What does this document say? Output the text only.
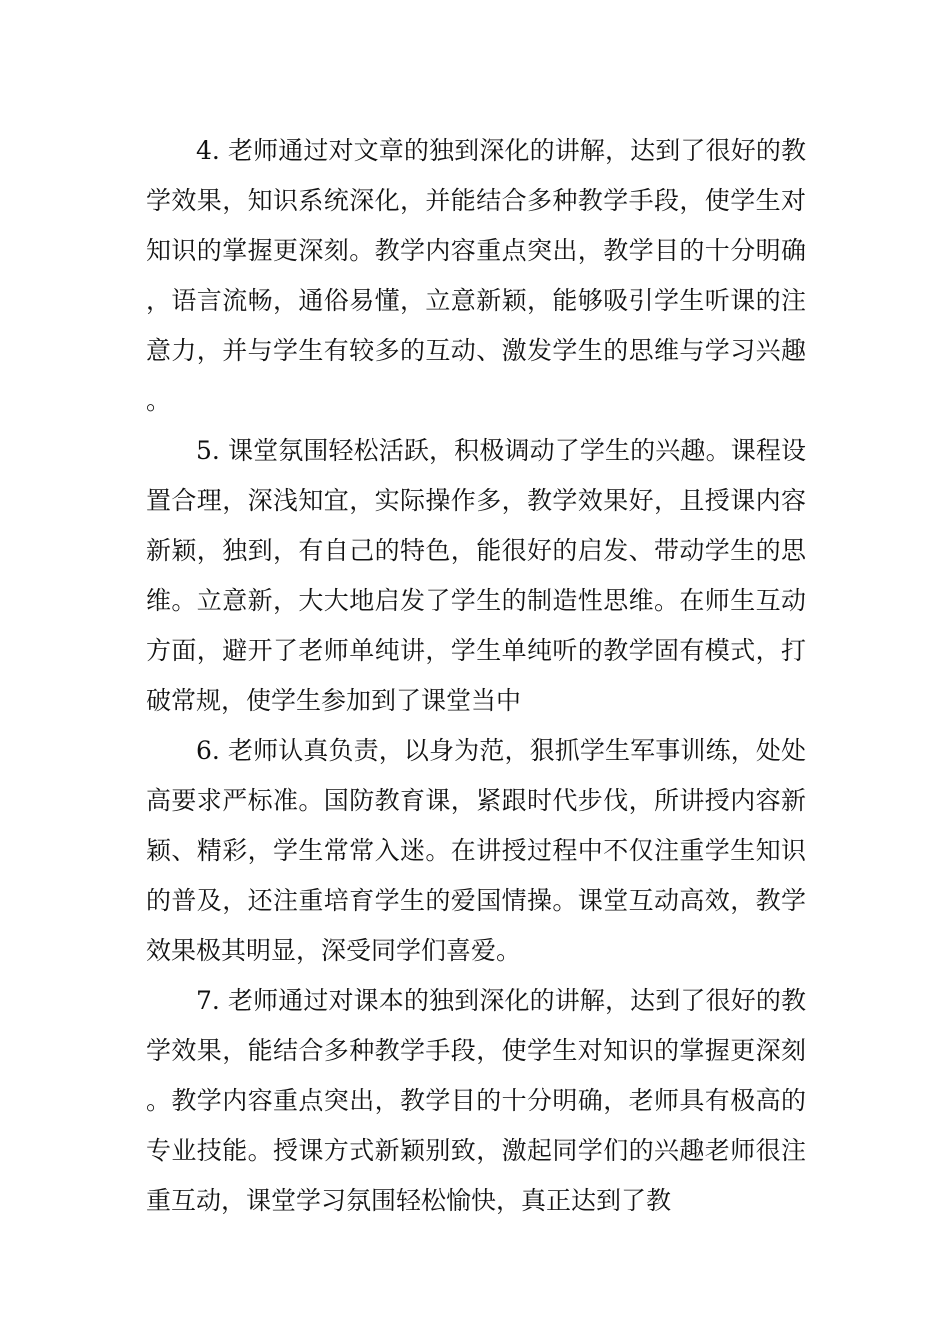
4. 老师通过对文章的独到深化的讲解，达到了很好的教学效果，知识系统深化，并能结合多种教学手段，使学生对知识的掌握更深刻。教学内容重点突出，教学目的十分明确，语言流畅，通俗易懂，立意新颖，能够吸引学生听课的注意力，并与学生有较多的互动、激发学生的思维与学习兴趣。

5. 课堂氛围轻松活跃，积极调动了学生的兴趣。课程设置合理，深浅知宜，实际操作多，教学效果好，且授课内容新颖，独到，有自己的特色，能很好的启发、带动学生的思维。立意新，大大地启发了学生的制造性思维。在师生互动方面，避开了老师单纯讲，学生单纯听的教学固有模式，打破常规，使学生参加到了课堂当中

6. 老师认真负责，以身为范，狠抓学生军事训练，处处高要求严标准。国防教育课，紧跟时代步伐，所讲授内容新颖、精彩，学生常常入迷。在讲授过程中不仅注重学生知识的普及，还注重培育学生的爱国情操。课堂互动高效，教学效果极其明显，深受同学们喜爱。

7. 老师通过对课本的独到深化的讲解，达到了很好的教学效果，能结合多种教学手段，使学生对知识的掌握更深刻。教学内容重点突出，教学目的十分明确，老师具有极高的专业技能。授课方式新颖别致，激起同学们的兴趣老师很注重互动，课堂学习氛围轻松愉快，真正达到了教
